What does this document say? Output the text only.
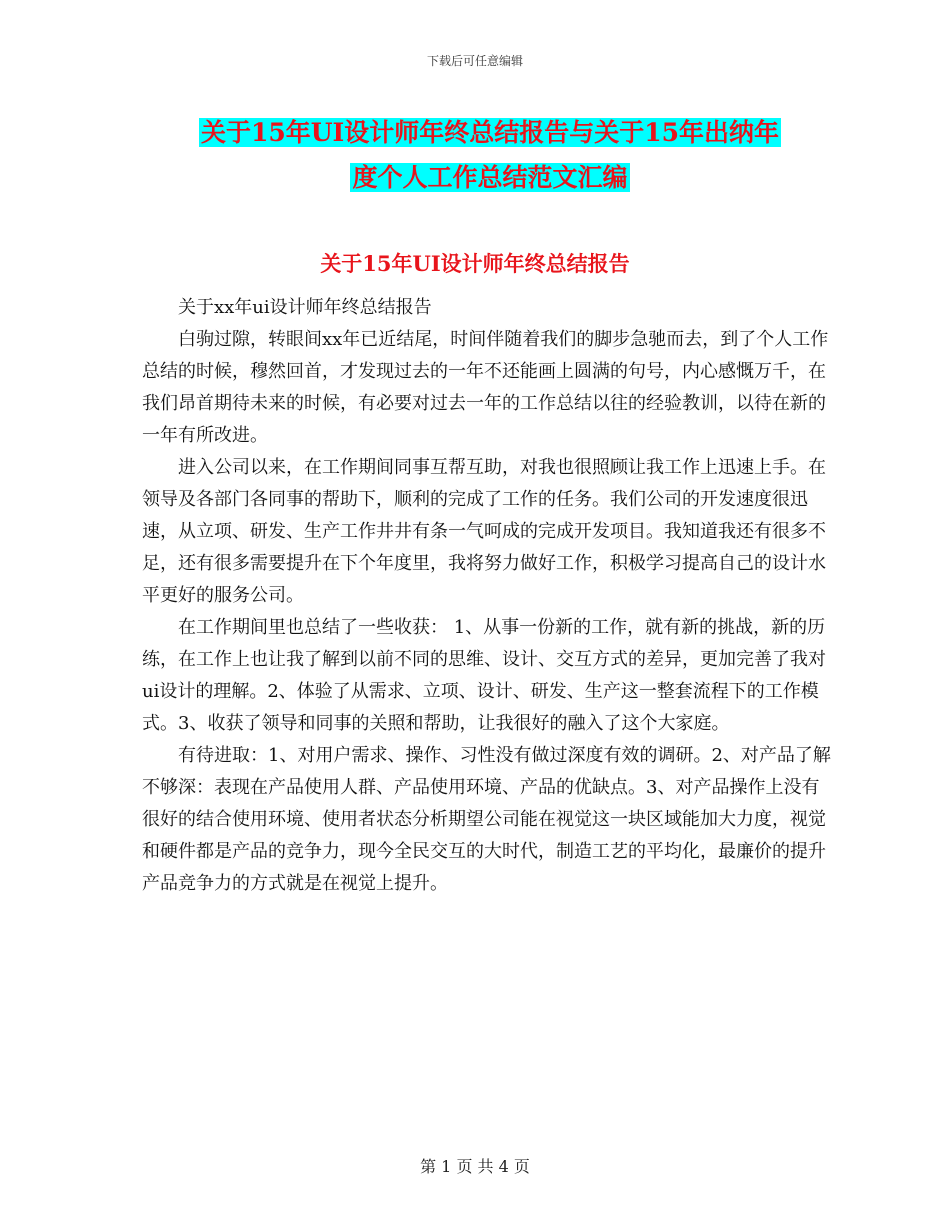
下载后可任意编辑
关于15年UI设计师年终总结报告与关于15年出纳年
度个人工作总结范文汇编
关于15年UI设计师年终总结报告

关于xx年ui设计师年终总结报告

白驹过隙，转眼间xx年已近结尾，时间伴随着我们的脚步急驰而去，到了个人工作总结的时候，穆然回首，才发现过去的一年不还能画上圆满的句号，内心感慨万千，在我们昂首期待未来的时候，有必要对过去一年的工作总结以往的经验教训，以待在新的一年有所改进。

进入公司以来，在工作期间同事互帮互助，对我也很照顾让我工作上迅速上手。在领导及各部门各同事的帮助下，顺利的完成了工作的任务。我们公司的开发速度很迅速，从立项、研发、生产工作井井有条一气呵成的完成开发项目。我知道我还有很多不足，还有很多需要提升在下个年度里，我将努力做好工作，积极学习提高自己的设计水平更好的服务公司。

在工作期间里也总结了一些收获： 1、从事一份新的工作，就有新的挑战，新的历练，在工作上也让我了解到以前不同的思维、设计、交互方式的差异，更加完善了我对ui设计的理解。2、体验了从需求、立项、设计、研发、生产这一整套流程下的工作模式。3、收获了领导和同事的关照和帮助，让我很好的融入了这个大家庭。

有待进取：1、对用户需求、操作、习性没有做过深度有效的调研。2、对产品了解不够深：表现在产品使用人群、产品使用环境、产品的优缺点。3、对产品操作上没有很好的结合使用环境、使用者状态分析期望公司能在视觉这一块区域能加大力度，视觉和硬件都是产品的竞争力，现今全民交互的大时代，制造工艺的平均化，最廉价的提升产品竞争力的方式就是在视觉上提升。

第 1 页 共 4 页
